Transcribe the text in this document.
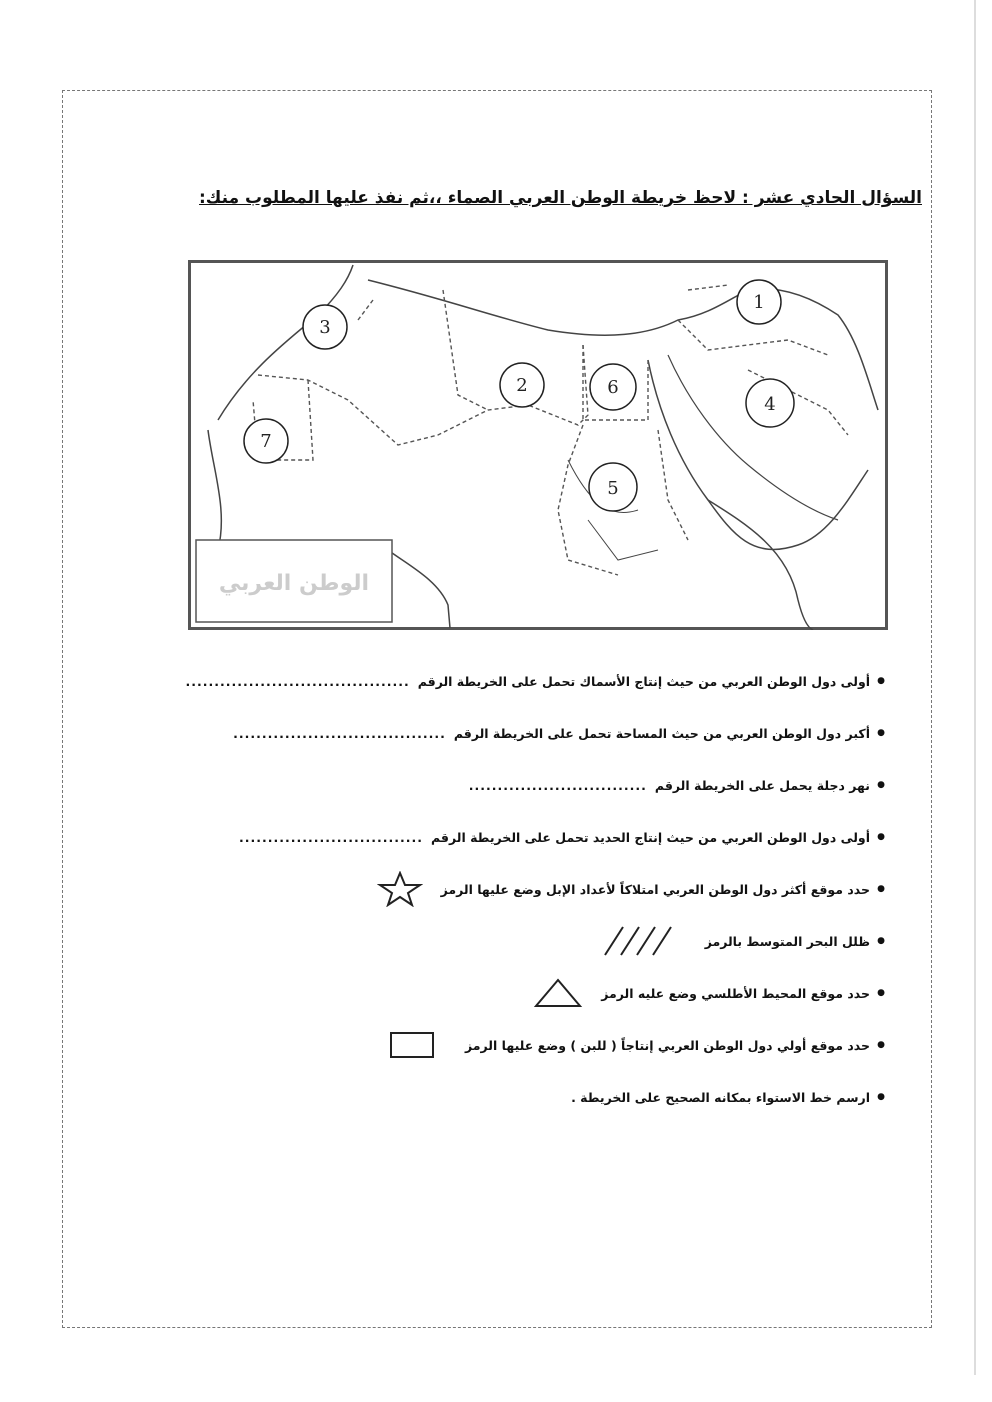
السؤال الحادي عشر : لاحظ خريطة الوطن العربي الصماء ،،ثم نفذ عليها المطلوب منك:
1
2
3
4
5
6
7
الوطن العربي
●
أولى دول الوطن العربي من حيث إنتاج الأسماك تحمل على الخريطة الرقم
.......................................
●
أكبر دول الوطن العربي من حيث المساحة تحمل على الخريطة الرقم
.....................................
●
نهر دجلة يحمل على الخريطة الرقم
...............................
●
أولى دول الوطن العربي من حيث إنتاج الحديد تحمل على الخريطة الرقم
................................
●
حدد موقع أكثر دول الوطن العربي امتلاكاً لأعداد الإبل وضع عليها الرمز
●
ظلل البحر المتوسط بالرمز
●
حدد موقع المحيط الأطلسي وضع عليه الرمز
●
حدد موقع أولي دول الوطن العربي إنتاجاً ( للبن ) وضع عليها الرمز
●
ارسم خط الاستواء بمكانه الصحيح على الخريطة .
